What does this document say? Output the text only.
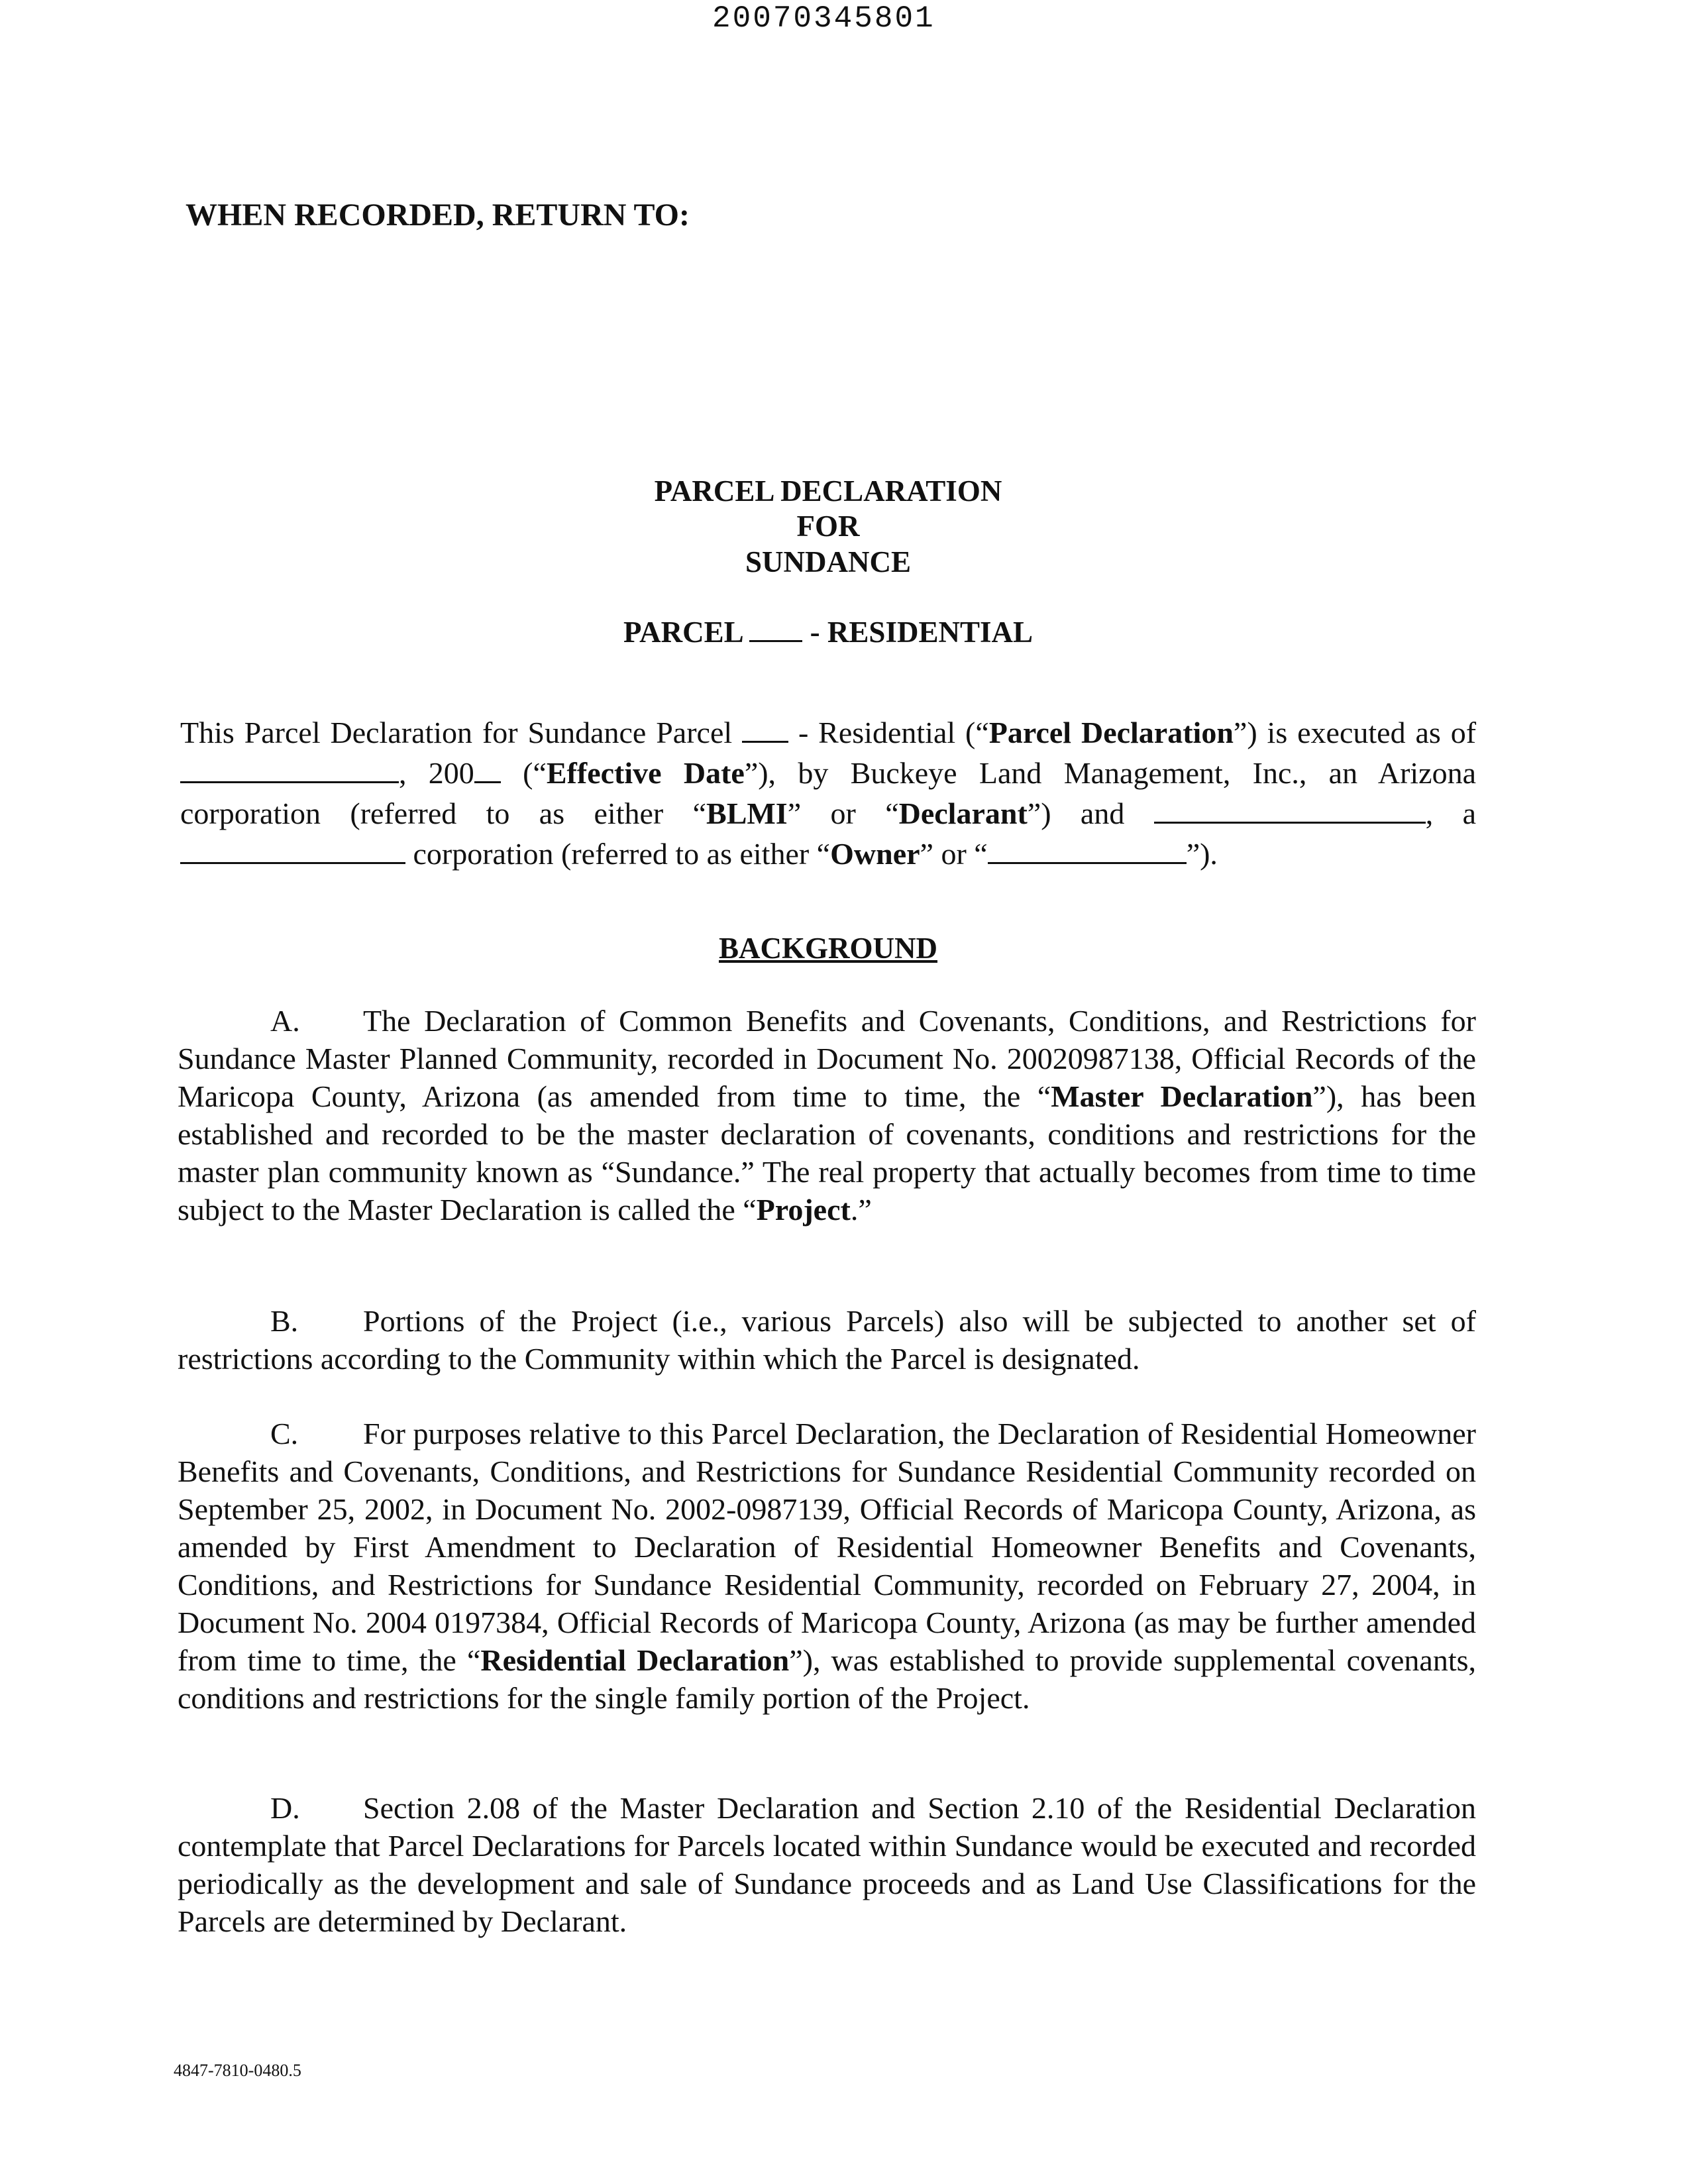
20070345801
WHEN RECORDED, RETURN TO:
PARCEL DECLARATION
FOR
SUNDANCE
PARCEL - RESIDENTIAL
This Parcel Declaration for Sundance Parcel - Residential (“Parcel Declaration”) is executed as of , 200 (“Effective Date”), by Buckeye Land Management, Inc., an Arizona corporation (referred to as either “BLMI” or “Declarant”) and	, a  corporation (referred to as either “Owner” or “	”).
BACKGROUND
A. The Declaration of Common Benefits and Covenants, Conditions, and Restrictions for Sundance Master Planned Community, recorded in Document No. 20020987138, Official Records of the Maricopa County, Arizona (as amended from time to time, the “Master Declaration”), has been established and recorded to be the master declaration of covenants, conditions and restrictions for the master plan community known as “Sundance.” The real property that actually becomes from time to time subject to the Master Declaration is called the “Project.”
B. Portions of the Project (i.e., various Parcels) also will be subjected to another set of restrictions according to the Community within which the Parcel is designated.
C. For purposes relative to this Parcel Declaration, the Declaration of Residential Homeowner Benefits and Covenants, Conditions, and Restrictions for Sundance Residential Community recorded on September 25, 2002, in Document No. 2002-0987139, Official Records of Maricopa County, Arizona, as amended by First Amendment to Declaration of Residential Homeowner Benefits and Covenants, Conditions, and Restrictions for Sundance Residential Community, recorded on February 27, 2004, in Document No. 2004 0197384, Official Records of Maricopa County, Arizona (as may be further amended from time to time, the “Residential Declaration”), was established to provide supplemental covenants, conditions and restrictions for the single family portion of the Project.
D. Section 2.08 of the Master Declaration and Section 2.10 of the Residential Declaration contemplate that Parcel Declarations for Parcels located within Sundance would be executed and recorded periodically as the development and sale of Sundance proceeds and as Land Use Classifications for the Parcels are determined by Declarant.
4847-7810-0480.5
